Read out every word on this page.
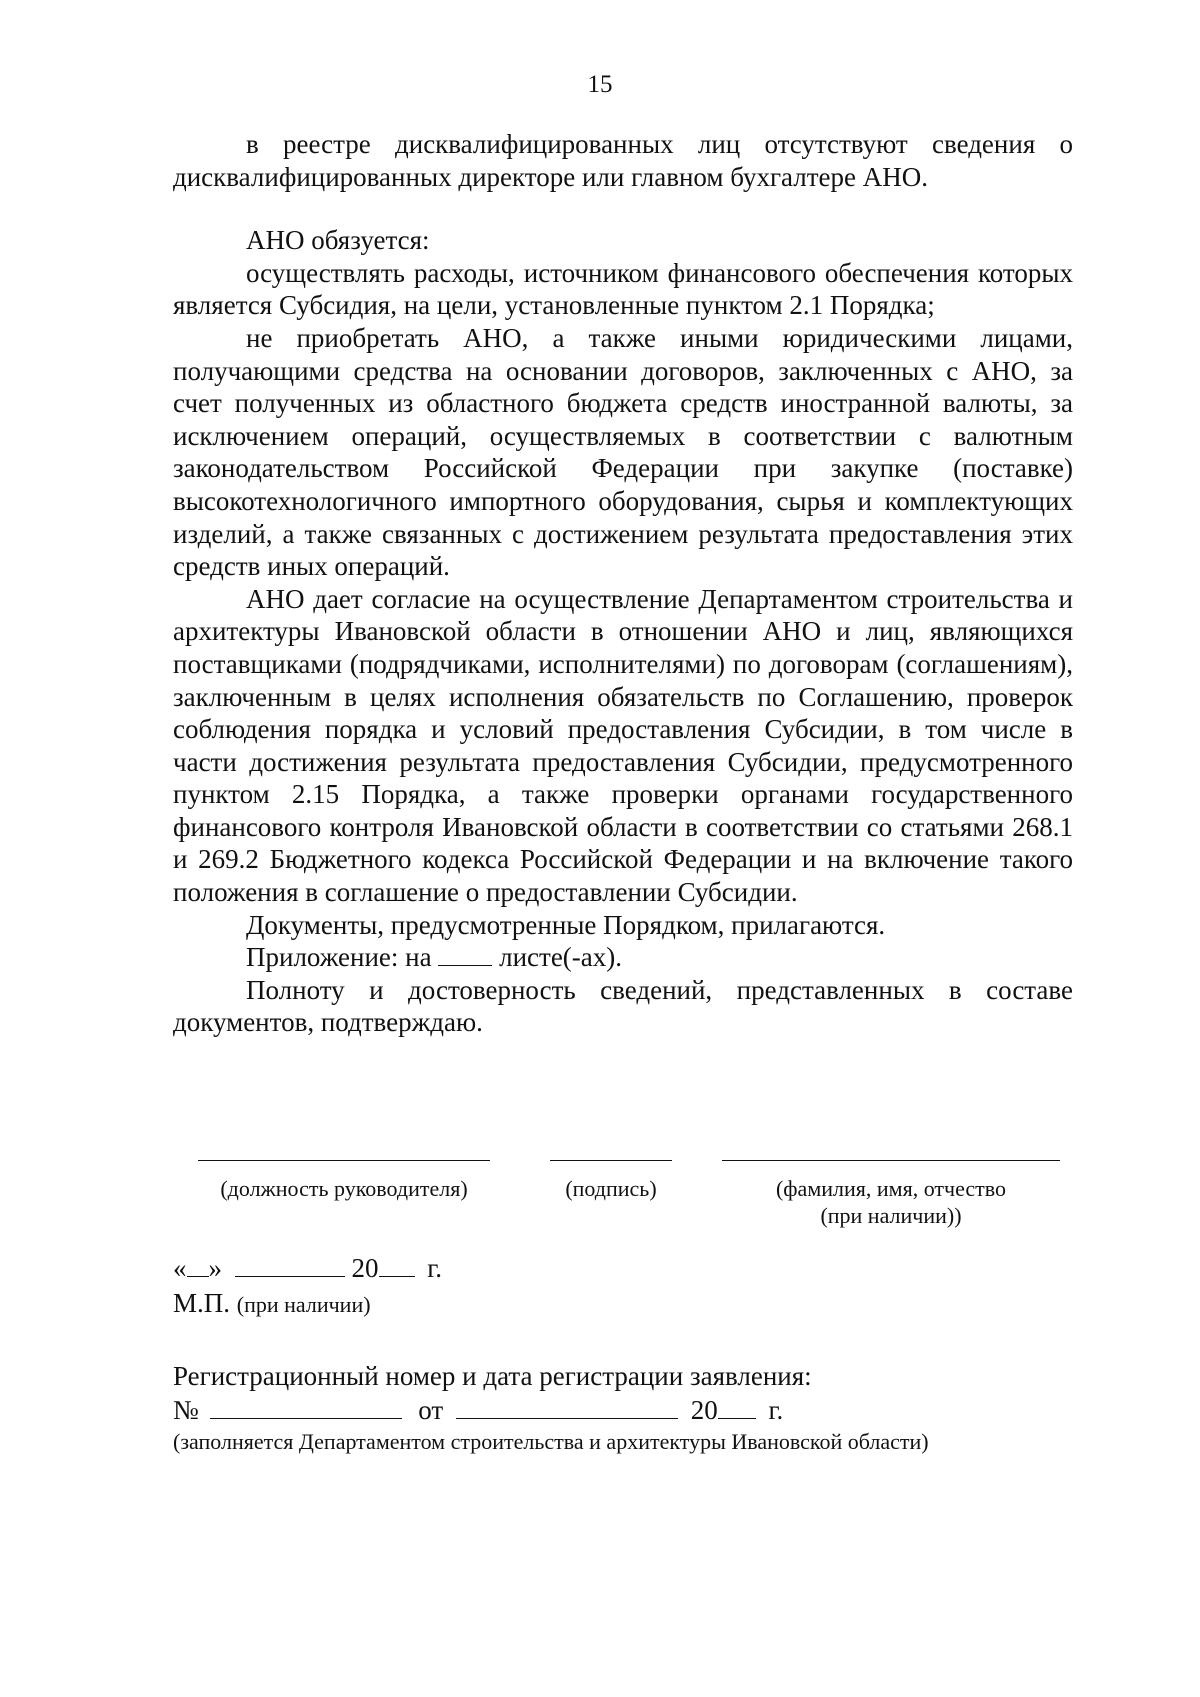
15

в реестре дисквалифицированных лиц отсутствуют сведения о дисквалифицированных директоре или главном бухгалтере АНО.

АНО обязуется:

осуществлять расходы, источником финансового обеспечения которых является Субсидия, на цели, установленные пунктом 2.1 Порядка;

не приобретать АНО, а также иными юридическими лицами, получающими средства на основании договоров, заключенных с АНО, за счет полученных из областного бюджета средств иностранной валюты, за исключением операций, осуществляемых в соответствии с валютным законодательством Российской Федерации при закупке (поставке) высокотехнологичного импортного оборудования, сырья и комплектующих изделий, а также связанных с достижением результата предоставления этих средств иных операций.

АНО дает согласие на осуществление Департаментом строительства и архитектуры Ивановской области в отношении АНО и лиц, являющихся поставщиками (подрядчиками, исполнителями) по договорам (соглашениям), заключенным в целях исполнения обязательств по Соглашению, проверок соблюдения порядка и условий предоставления Субсидии, в том числе в части достижения результата предоставления Субсидии, предусмотренного пунктом 2.15 Порядка, а также проверки органами государственного финансового контроля Ивановской области в соответствии со статьями 268.1 и 269.2 Бюджетного кодекса Российской Федерации и на включение такого положения в соглашение о предоставлении Субсидии.

Документы, предусмотренные Порядком, прилагаются.

Приложение: на	листе(-ах).

Полноту и достоверность сведений, представленных в составе документов, подтверждаю.

(должность руководителя)	(подпись)	(фамилия, имя, отчество
(при наличии))
« »	20 г.
М.П. (при наличии)
Регистрационный номер и дата регистрации заявления:
№	от	20 г.
(заполняется Департаментом строительства и архитектуры Ивановской области)
